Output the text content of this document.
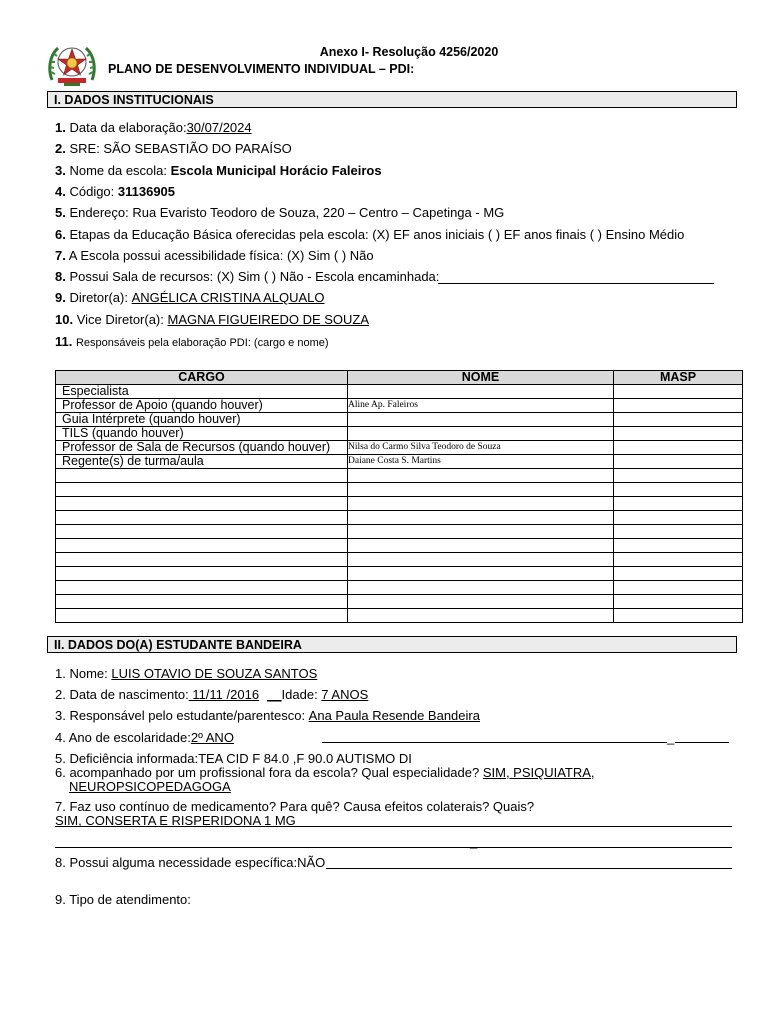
Anexo I- Resolução 4256/2020
PLANO DE DESENVOLVIMENTO INDIVIDUAL – PDI:
I. DADOS INSTITUCIONAIS
1. Data da elaboração:30/07/2024
2. SRE: SÃO SEBASTIÃO DO PARAÍSO
3. Nome da escola: Escola Municipal Horácio Faleiros
4. Código: 31136905
5. Endereço: Rua Evaristo Teodoro de Souza, 220 – Centro – Capetinga - MG
6. Etapas da Educação Básica oferecidas pela escola: (X) EF anos iniciais ( ) EF anos finais ( ) Ensino Médio
7. A Escola possui acessibilidade física: (X) Sim ( ) Não
8. Possui Sala de recursos: (X) Sim ( ) Não - Escola encaminhada:
9. Diretor(a): ANGÉLICA CRISTINA ALQUALO
10. Vice Diretor(a): MAGNA FIGUEIREDO DE SOUZA
11. Responsáveis pela elaboração PDI: (cargo e nome)
CARGO	NOME	MASP
Especialista		
Professor de Apoio (quando houver)	Aline Ap. Faleiros	
Guia Intérprete (quando houver)		
TILS (quando houver)		
Professor de Sala de Recursos (quando houver)	Nilsa do Carmo Silva Teodoro de Souza	
Regente(s) de turma/aula	Daiane Costa S. Martins	

II. DADOS DO(A) ESTUDANTE BANDEIRA
1. Nome: LUIS OTAVIO DE SOUZA SANTOS
2. Data de nascimento: 11/11 /2016 __Idade: 7 ANOS
3. Responsável pelo estudante/parentesco: Ana Paula Resende Bandeira
4. Ano de escolaridade:2º ANO	_
5. Deficiência informada:TEA CID F 84.0 ,F 90.0 AUTISMO DI
6. acompanhado por um profissional fora da escola? Qual especialidade? SIM, PSIQUIATRA,
NEUROPSICOPEDAGOGA
7. Faz uso contínuo de medicamento? Para quê? Causa efeitos colaterais? Quais?
SIM, CONSERTA E RISPERIDONA 1 MG
_
8. Possui alguma necessidade específica:NÃO
9. Tipo de atendimento:
